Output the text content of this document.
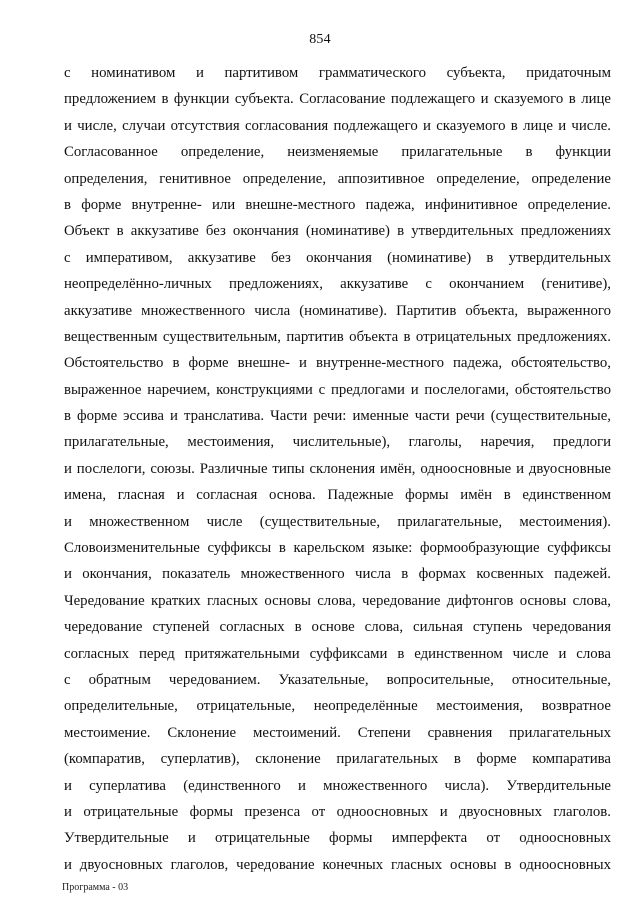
854
с номинативом и партитивом грамматического субъекта, придаточным
предложением в функции субъекта. Согласование подлежащего и сказуемого в лице
и числе, случаи отсутствия согласования подлежащего и сказуемого в лице и числе.
Согласованное определение, неизменяемые прилагательные в функции
определения, генитивное определение, аппозитивное определение, определение
в форме внутренне- или внешне-местного падежа, инфинитивное определение.
Объект в аккузативе без окончания (номинативе) в утвердительных предложениях
с императивом, аккузативе без окончания (номинативе) в утвердительных
неопределённо-личных предложениях, аккузативе с окончанием (генитиве),
аккузативе множественного числа (номинативе). Партитив объекта, выраженного
вещественным существительным, партитив объекта в отрицательных предложениях.
Обстоятельство в форме внешне- и внутренне-местного падежа, обстоятельство,
выраженное наречием, конструкциями с предлогами и послелогами, обстоятельство
в форме эссива и транслатива. Части речи: именные части речи (существительные,
прилагательные, местоимения, числительные), глаголы, наречия, предлоги
и послелоги, союзы. Различные типы склонения имён, одноосновные и двуосновные
имена, гласная и согласная основа. Падежные формы имён в единственном
и множественном числе (существительные, прилагательные, местоимения).
Словоизменительные суффиксы в карельском языке: формообразующие суффиксы
и окончания, показатель множественного числа в формах косвенных падежей.
Чередование кратких гласных основы слова, чередование дифтонгов основы слова,
чередование ступеней согласных в основе слова, сильная ступень чередования
согласных перед притяжательными суффиксами в единственном числе и слова
с обратным чередованием. Указательные, вопросительные, относительные,
определительные, отрицательные, неопределённые местоимения, возвратное
местоимение. Склонение местоимений. Степени сравнения прилагательных
(компаратив, суперлатив), склонение прилагательных в форме компаратива
и суперлатива (единственного и множественного числа). Утвердительные
и отрицательные формы презенса от одноосновных и двуосновных глаголов.
Утвердительные и отрицательные формы имперфекта от одноосновных
и двуосновных глаголов, чередование конечных гласных основы в одноосновных
Программа - 03
